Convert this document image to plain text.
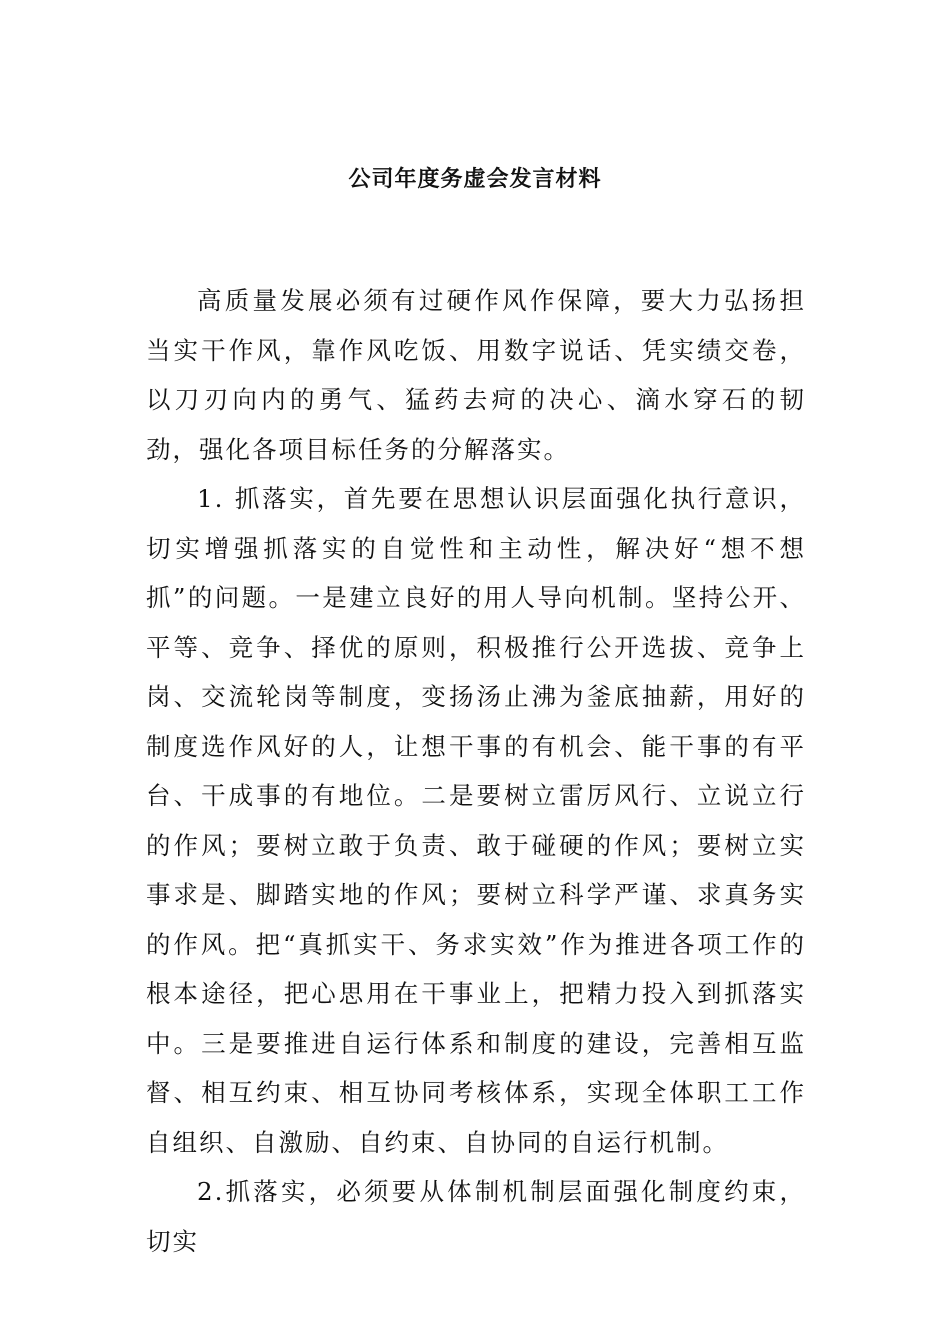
公司年度务虚会发言材料

高质量发展必须有过硬作风作保障，要大力弘扬担当实干作风，靠作风吃饭、用数字说话、凭实绩交卷，以刀刃向内的勇气、猛药去疴的决心、滴水穿石的韧劲，强化各项目标任务的分解落实。

1. 抓落实，首先要在思想认识层面强化执行意识，切实增强抓落实的自觉性和主动性，解决好“想不想抓”的问题。一是建立良好的用人导向机制。坚持公开、平等、竞争、择优的原则，积极推行公开选拔、竞争上岗、交流轮岗等制度，变扬汤止沸为釜底抽薪，用好的制度选作风好的人，让想干事的有机会、能干事的有平台、干成事的有地位。二是要树立雷厉风行、立说立行的作风；要树立敢于负责、敢于碰硬的作风；要树立实事求是、脚踏实地的作风；要树立科学严谨、求真务实的作风。把“真抓实干、务求实效”作为推进各项工作的根本途径，把心思用在干事业上，把精力投入到抓落实中。三是要推进自运行体系和制度的建设，完善相互监督、相互约束、相互协同考核体系，实现全体职工工作自组织、自激励、自约束、自协同的自运行机制。

2.抓落实，必须要从体制机制层面强化制度约束，切实
